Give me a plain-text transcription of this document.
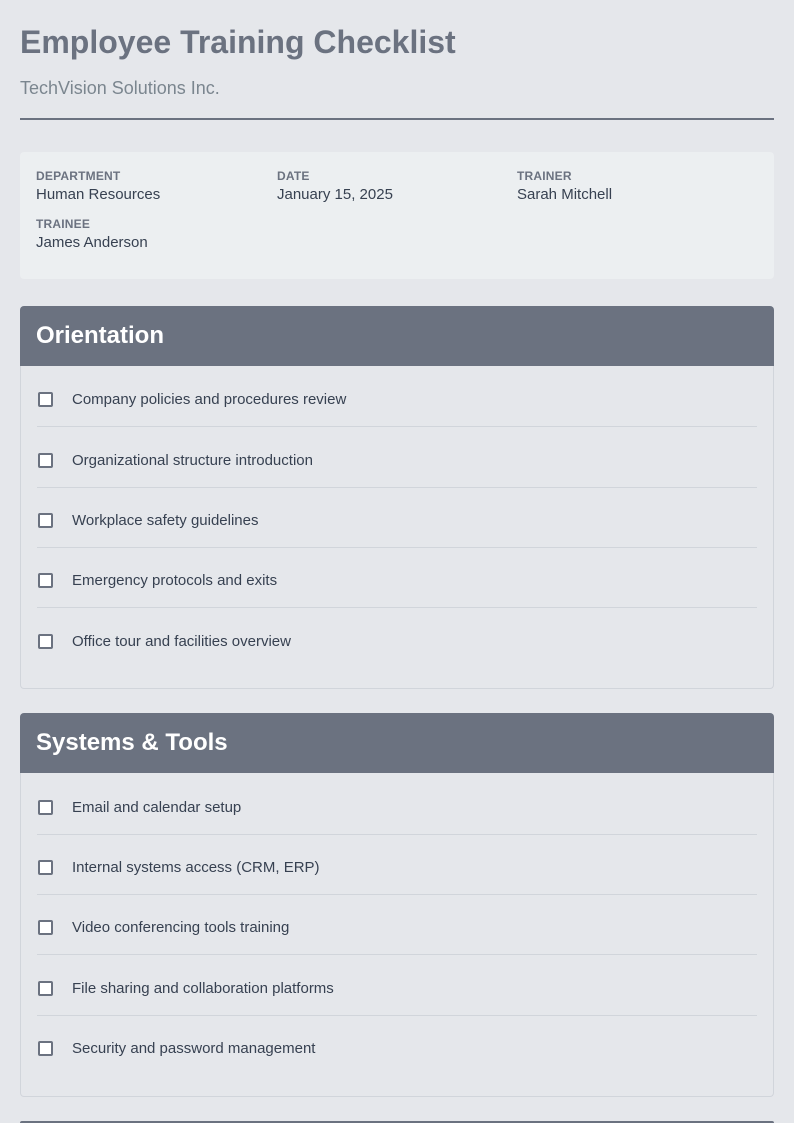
Employee Training Checklist

TechVision Solutions Inc.

DEPARTMENT
Human Resources
DATE
January 15, 2025
TRAINER
Sarah Mitchell
TRAINEE
James Anderson
Orientation
Company policies and procedures review
Organizational structure introduction
Workplace safety guidelines
Emergency protocols and exits
Office tour and facilities overview
Systems & Tools
Email and calendar setup
Internal systems access (CRM, ERP)
Video conferencing tools training
File sharing and collaboration platforms
Security and password management
